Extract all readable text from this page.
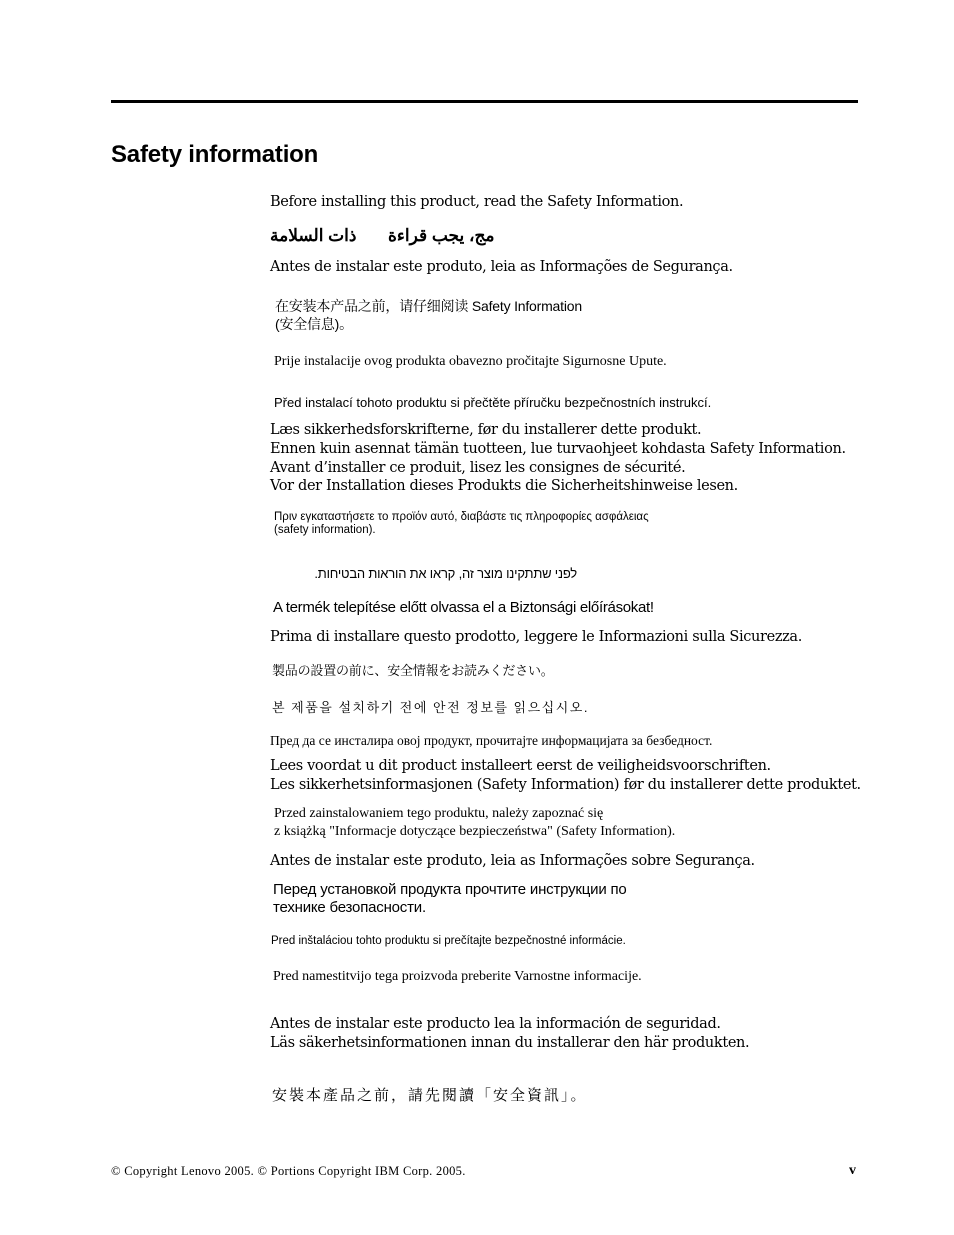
Safety information
Before installing this product, read the Safety Information.
ذات السلامة مج، يجب قراءة
Antes de instalar este produto, leia as Informações de Segurança.
在安装本产品之前，请仔细阅读 Safety Information
(安全信息)。
Prije instalacije ovog produkta obavezno pročitajte Sigurnosne Upute.
Před instalací tohoto produktu si přečtěte příručku bezpečnostních instrukcí.
Læs sikkerhedsforskrifterne, før du installerer dette produkt.
Ennen kuin asennat tämän tuotteen, lue turvaohjeet kohdasta Safety Information.
Avant d’installer ce produit, lisez les consignes de sécurité.
Vor der Installation dieses Produkts die Sicherheitshinweise lesen.
Πριν εγκαταστήσετε το προϊόν αυτό, διαβάστε τις πληροφορίες ασφάλειας
(safety information).
לפני שתתקינו מוצר זה, קראו את הוראות הבטיחות.
A termék telepítése előtt olvassa el a Biztonsági előírásokat!
Prima di installare questo prodotto, leggere le Informazioni sulla Sicurezza.
製品の設置の前に、安全情報をお読みください。
본 제품을 설치하기 전에 안전 정보를 읽으십시오.
Пред да се инсталира овој продукт, прочитајте информацијата за безбедност.
Lees voordat u dit product installeert eerst de veiligheidsvoorschriften.
Les sikkerhetsinformasjonen (Safety Information) før du installerer dette produktet.
Przed zainstalowaniem tego produktu, należy zapoznać się
z książką "Informacje dotyczące bezpieczeństwa" (Safety Information).
Antes de instalar este produto, leia as Informações sobre Segurança.
Перед установкой продукта прочтите инструкции по
технике безопасности.
Pred inštaláciou tohto produktu si prečítajte bezpečnostné informácie.
Pred namestitvijo tega proizvoda preberite Varnostne informacije.
Antes de instalar este producto lea la información de seguridad.
Läs säkerhetsinformationen innan du installerar den här produkten.
安裝本產品之前，請先閱讀「安全資訊」。
© Copyright Lenovo 2005. © Portions Copyright IBM Corp. 2005.	v
